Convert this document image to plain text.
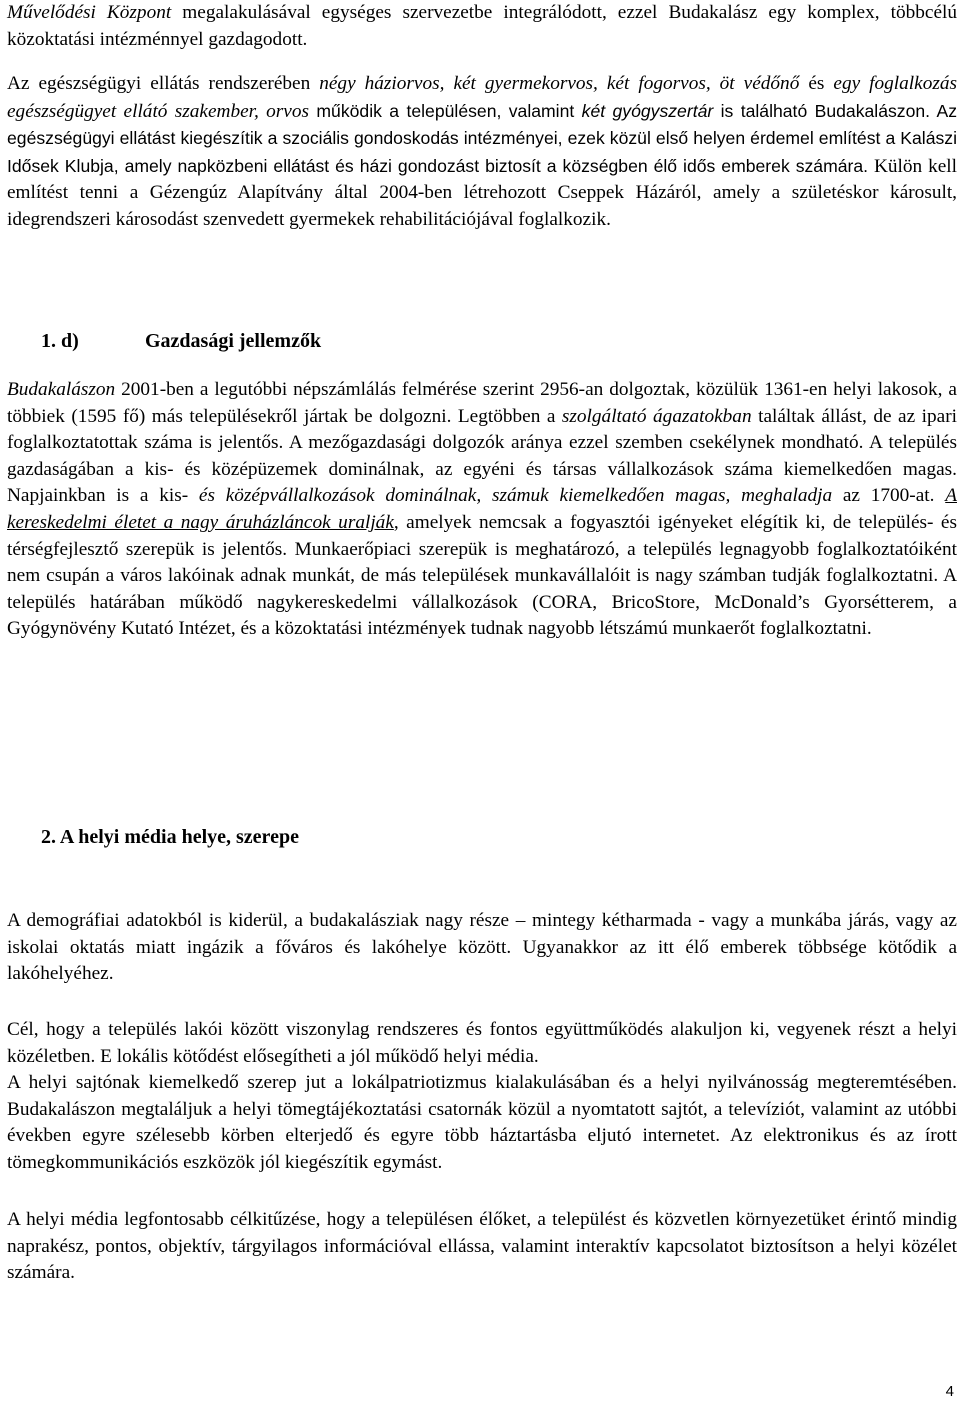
Művelődési Központ megalakulásával egységes szervezetbe integrálódott, ezzel Budakalász egy komplex, többcélú közoktatási intézménnyel gazdagodott.

Az egészségügyi ellátás rendszerében négy háziorvos, két gyermekorvos, két fogorvos, öt védőnő és egy foglalkozás egészségügyet ellátó szakember, orvos működik a településen, valamint két gyógyszertár is található Budakalászon. Az egészségügyi ellátást kiegészítik a szociális gondoskodás intézményei, ezek közül első helyen érdemel említést a Kalászi Idősek Klubja, amely napközbeni ellátást és házi gondozást biztosít a községben élő idős emberek számára. Külön kell említést tenni a Gézengúz Alapítvány által 2004-ben létrehozott Cseppek Házáról, amely a születéskor károsult, idegrendszeri károsodást szenvedett gyermekek rehabilitációjával foglalkozik.

1. d)	Gazdasági jellemzők

Budakalászon 2001-ben a legutóbbi népszámlálás felmérése szerint 2956-an dolgoztak, közülük 1361-en helyi lakosok, a többiek (1595 fő) más településekről jártak be dolgozni. Legtöbben a szolgáltató ágazatokban találtak állást, de az ipari foglalkoztatottak száma is jelentős. A mezőgazdasági dolgozók aránya ezzel szemben csekélynek mondható. A település gazdaságában a kis- és középüzemek dominálnak, az egyéni és társas vállalkozások száma kiemelkedően magas. Napjainkban is a kis- és középvállalkozások dominálnak, számuk kiemelkedően magas, meghaladja az 1700-at. A kereskedelmi életet a nagy áruházláncok uralják, amelyek nemcsak a fogyasztói igényeket elégítik ki, de település- és térségfejlesztő szerepük is jelentős. Munkaerőpiaci szerepük is meghatározó, a település legnagyobb foglalkoztatóiként nem csupán a város lakóinak adnak munkát, de más települések munkavállalóit is nagy számban tudják foglalkoztatni. A település határában működő nagykereskedelmi vállalkozások (CORA, BricoStore, McDonald’s Gyorsétterem, a Gyógynövény Kutató Intézet, és a közoktatási intézmények tudnak nagyobb létszámú munkaerőt foglalkoztatni.

2. A helyi média helye, szerepe

A demográfiai adatokból is kiderül, a budakalásziak nagy része – mintegy kétharmada - vagy a munkába járás, vagy az iskolai oktatás miatt ingázik a főváros és lakóhelye között. Ugyanakkor az itt élő emberek többsége kötődik a lakóhelyéhez.

Cél, hogy a település lakói között viszonylag rendszeres és fontos együttműködés alakuljon ki, vegyenek részt a helyi közéletben. E lokális kötődést elősegítheti a jól működő helyi média.

A helyi sajtónak kiemelkedő szerep jut a lokálpatriotizmus kialakulásában és a helyi nyilvánosság megteremtésében. Budakalászon megtaláljuk a helyi tömegtájékoztatási csatornák közül a nyomtatott sajtót, a televíziót, valamint az utóbbi években egyre szélesebb körben elterjedő és egyre több háztartásba eljutó internetet. Az elektronikus és az írott tömegkommunikációs eszközök jól kiegészítik egymást.

A helyi média legfontosabb célkitűzése, hogy a településen élőket, a települést és közvetlen környezetüket érintő mindig naprakész, pontos, objektív, tárgyilagos információval ellássa, valamint interaktív kapcsolatot biztosítson a helyi közélet számára.

4
